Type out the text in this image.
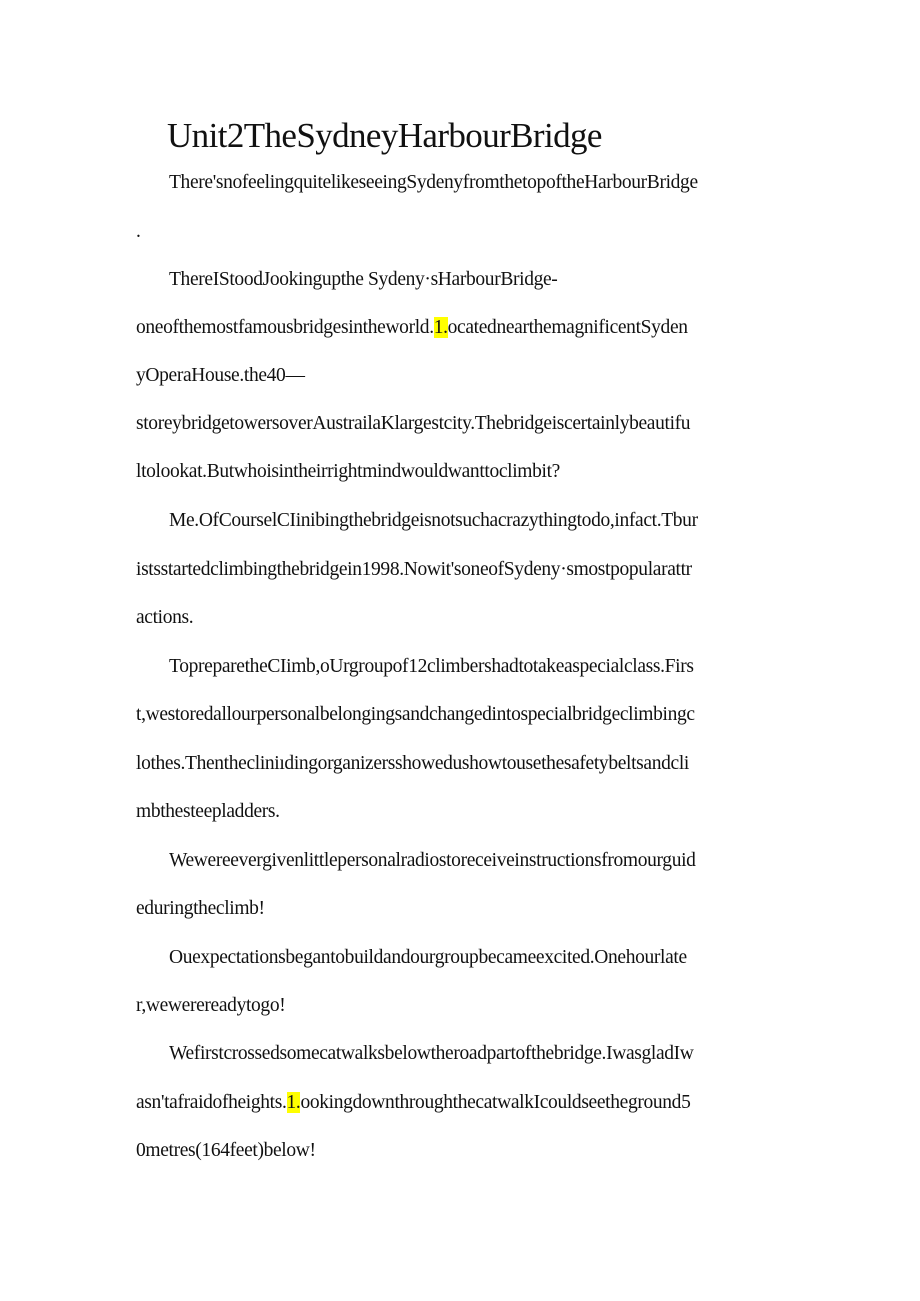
Unit2TheSydneyHarbourBridge

There'snofeelingquitelikeseeingSydenyfromthetopoftheHarbourBridge

.

ThereIStoodJookingupthe Sydeny·sHarbourBridge-

oneofthemostfamousbridgesintheworld.1.ocatednearthemagnificentSyden

yOperaHouse.the40—

storeybridgetowersoverAustrailaKlargestcity.Thebridgeiscertainlybeautifu

ltolookat.Butwhoisintheirrightmindwouldwanttoclimbit?

Me.OfCourselCIinibingthebridgeisnotsuchacrazythingtodo,infact.Tbur

istsstartedclimbingthebridgein1998.Nowit'soneofSydeny·smostpopularattr

actions.

TopreparetheCIimb,oUrgroupof12climbershadtotakeaspecialclass.Firs

t,westoredallourpersonalbelongingsandchangedintospecialbridgeclimbingc

lothes.Thenthecliniıdingorganizersshowedushowtousethesafetybeltsandcli

mbthesteepladders.

Wewereevergivenlittlepersonalradiostoreceiveinstructionsfromourguid

eduringtheclimb!

Ouexpectationsbegantobuildandourgroupbecameexcited.Onehourlate

r,wewerereadytogo!

Wefirstcrossedsomecatwalksbelowtheroadpartofthebridge.IwasgladIw

asn'tafraidofheights.1.ookingdownthroughthecatwalkIcouldseetheground5

0metres(164feet)below!
